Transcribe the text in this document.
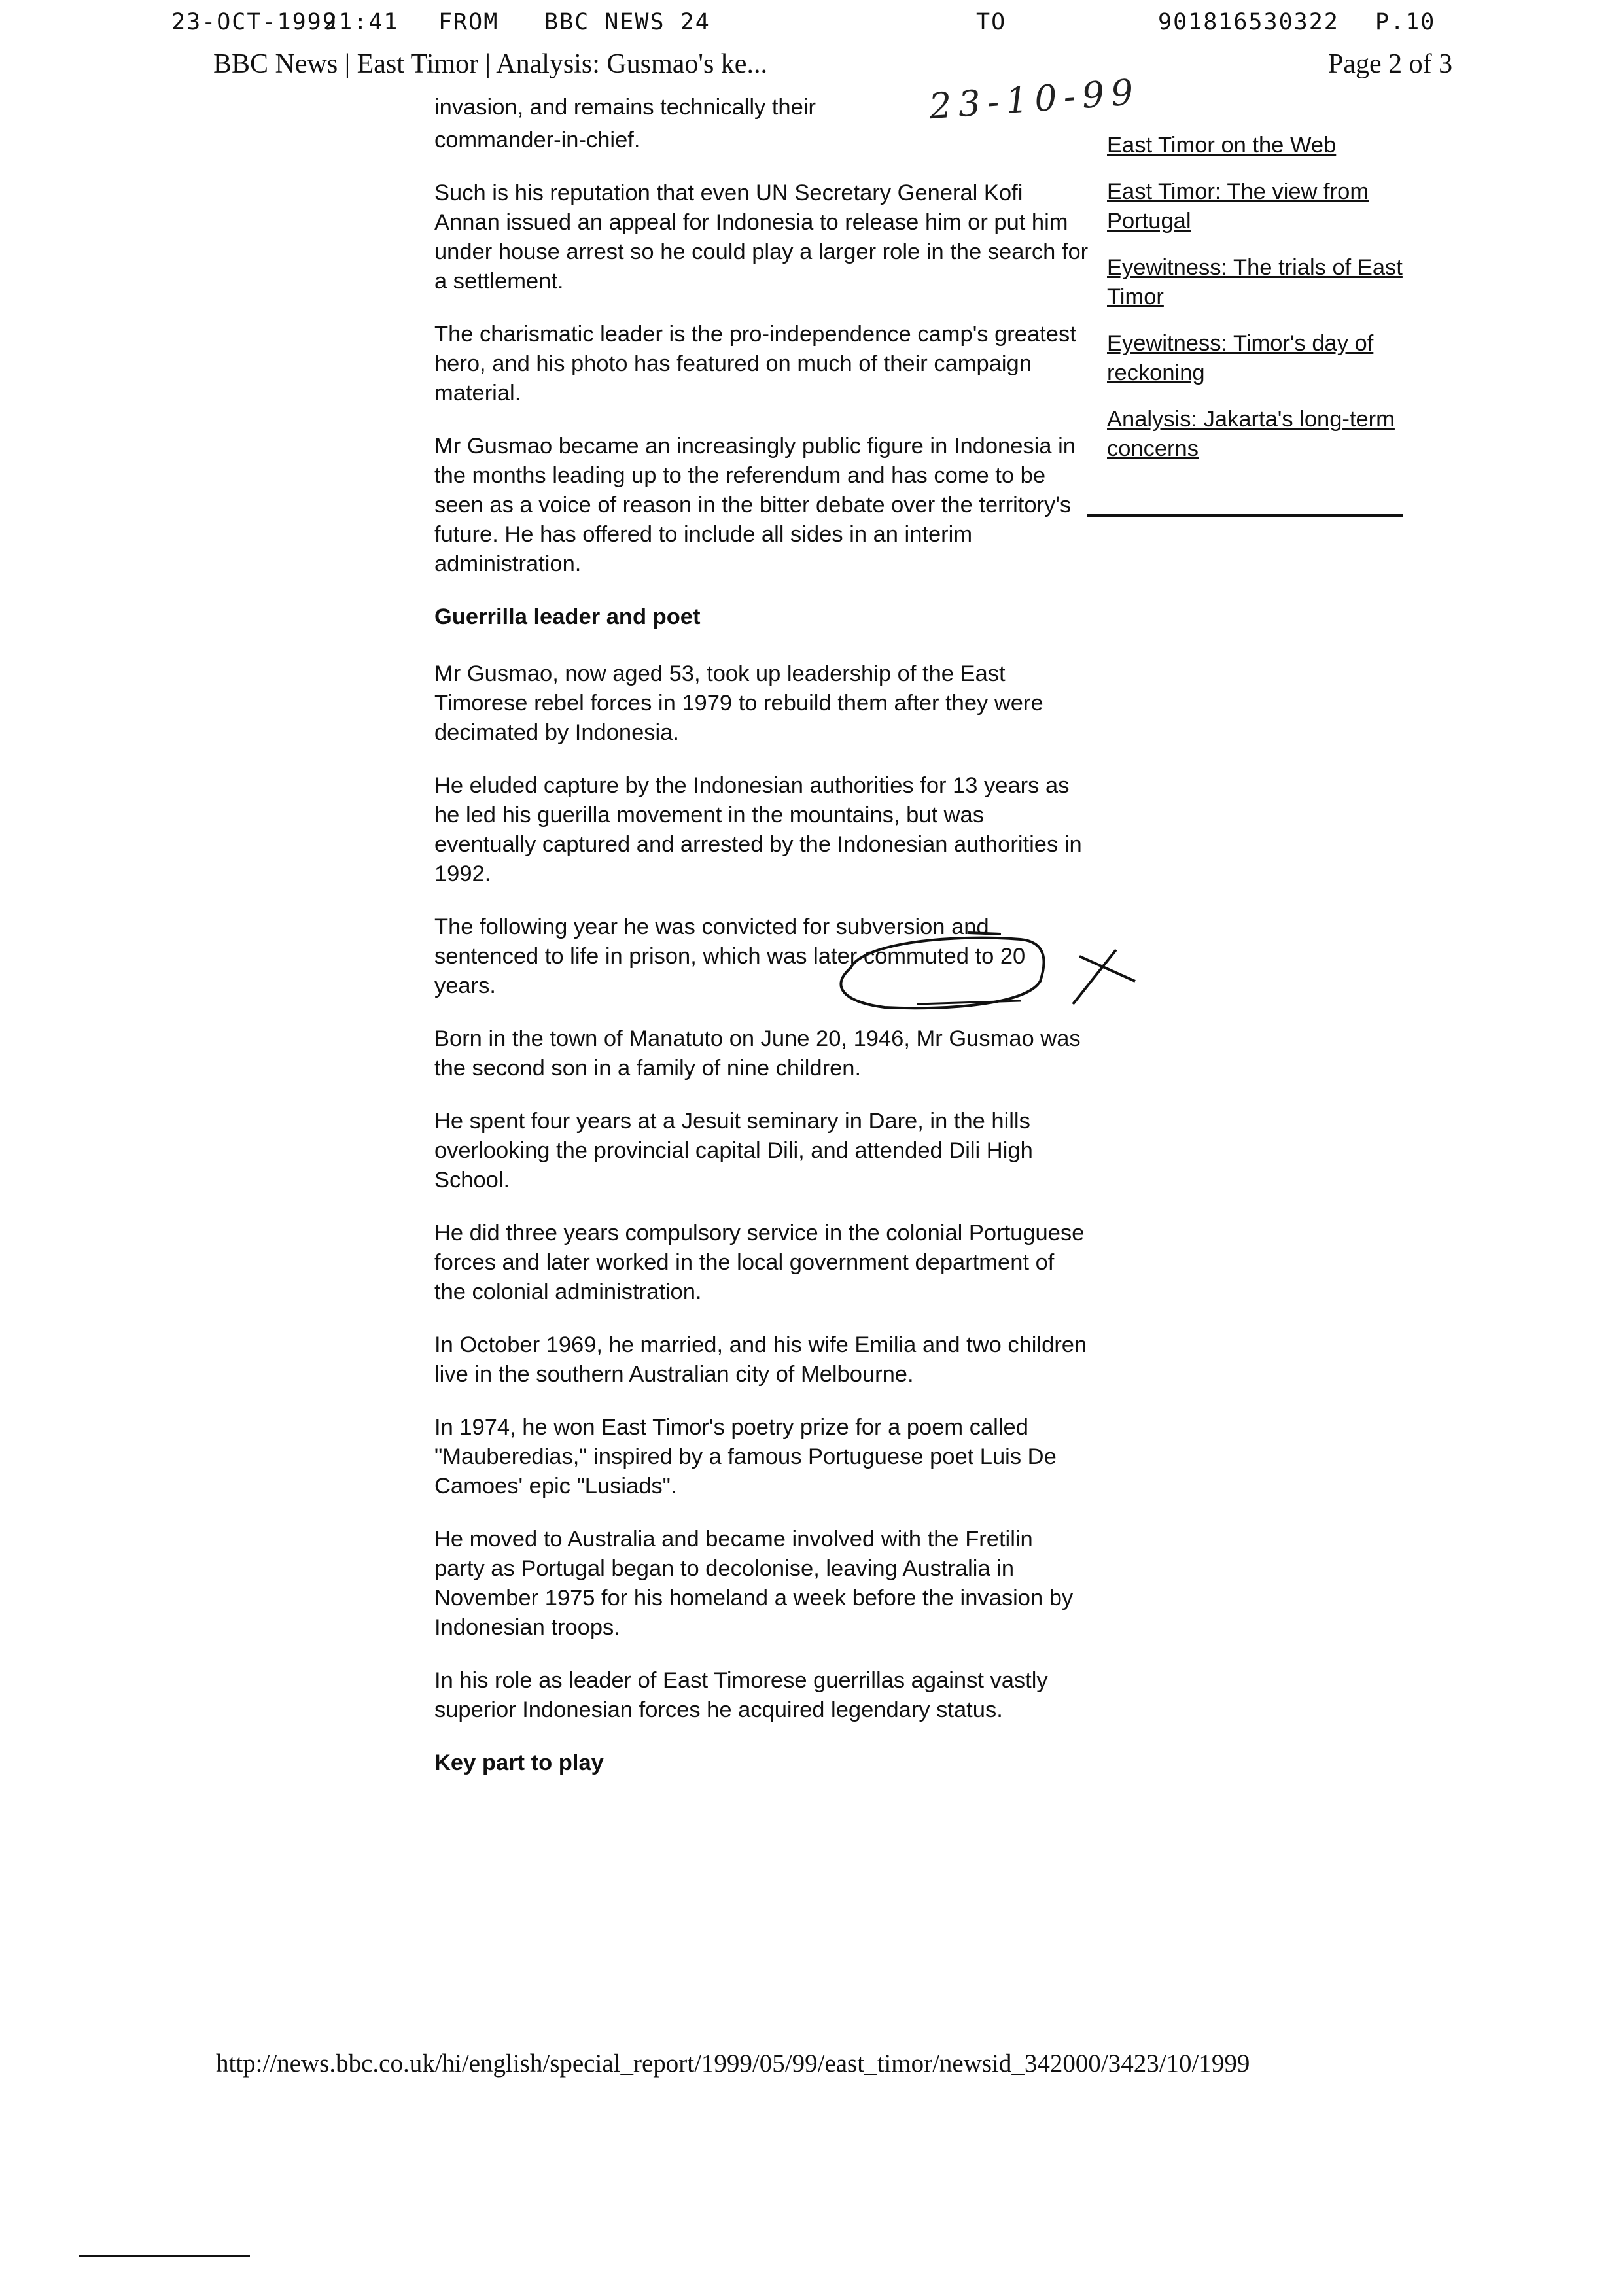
23-OCT-1999
21:41 FROM BBC NEWS 24	TO	901816530322 P.10
BBC News | East Timor | Analysis: Gusmao's ke...	Page 2 of 3
23-10-99

invasion, and remains technically their

commander-in-chief.

Such is his reputation that even UN Secretary General Kofi Annan issued an appeal for Indonesia to release him or put him under house arrest so he could play a larger role in the search for a settlement.

The charismatic leader is the pro-independence camp's greatest hero, and his photo has featured on much of their campaign material.

Mr Gusmao became an increasingly public figure in Indonesia in the months leading up to the referendum and has come to be seen as a voice of reason in the bitter debate over the territory's future. He has offered to include all sides in an interim administration.

Guerrilla leader and poet

Mr Gusmao, now aged 53, took up leadership of the East Timorese rebel forces in 1979 to rebuild them after they were decimated by Indonesia.

He eluded capture by the Indonesian authorities for 13 years as he led his guerilla movement in the mountains, but was eventually captured and arrested by the Indonesian authorities in 1992.

The following year he was convicted for subversion and sentenced to life in prison, which was later commuted to 20 years.

Born in the town of Manatuto on June 20, 1946, Mr Gusmao was the second son in a family of nine children.

He spent four years at a Jesuit seminary in Dare, in the hills overlooking the provincial capital Dili, and attended Dili High School.

He did three years compulsory service in the colonial Portuguese forces and later worked in the local government department of the colonial administration.

In October 1969, he married, and his wife Emilia and two children live in the southern Australian city of Melbourne.

In 1974, he won East Timor's poetry prize for a poem called "Mauberedias," inspired by a famous Portuguese poet Luis De Camoes' epic "Lusiads".

He moved to Australia and became involved with the Fretilin party as Portugal began to decolonise, leaving Australia in November 1975 for his homeland a week before the invasion by Indonesian troops.

In his role as leader of East Timorese guerrillas against vastly superior Indonesian forces he acquired legendary status.

Key part to play

East Timor on the Web
East Timor: The view from Portugal
Eyewitness: The trials of East Timor
Eyewitness: Timor's day of reckoning
Analysis: Jakarta's long-term concerns
http://news.bbc.co.uk/hi/english/special_report/1999/05/99/east_timor/newsid_342000/3423/10/1999
